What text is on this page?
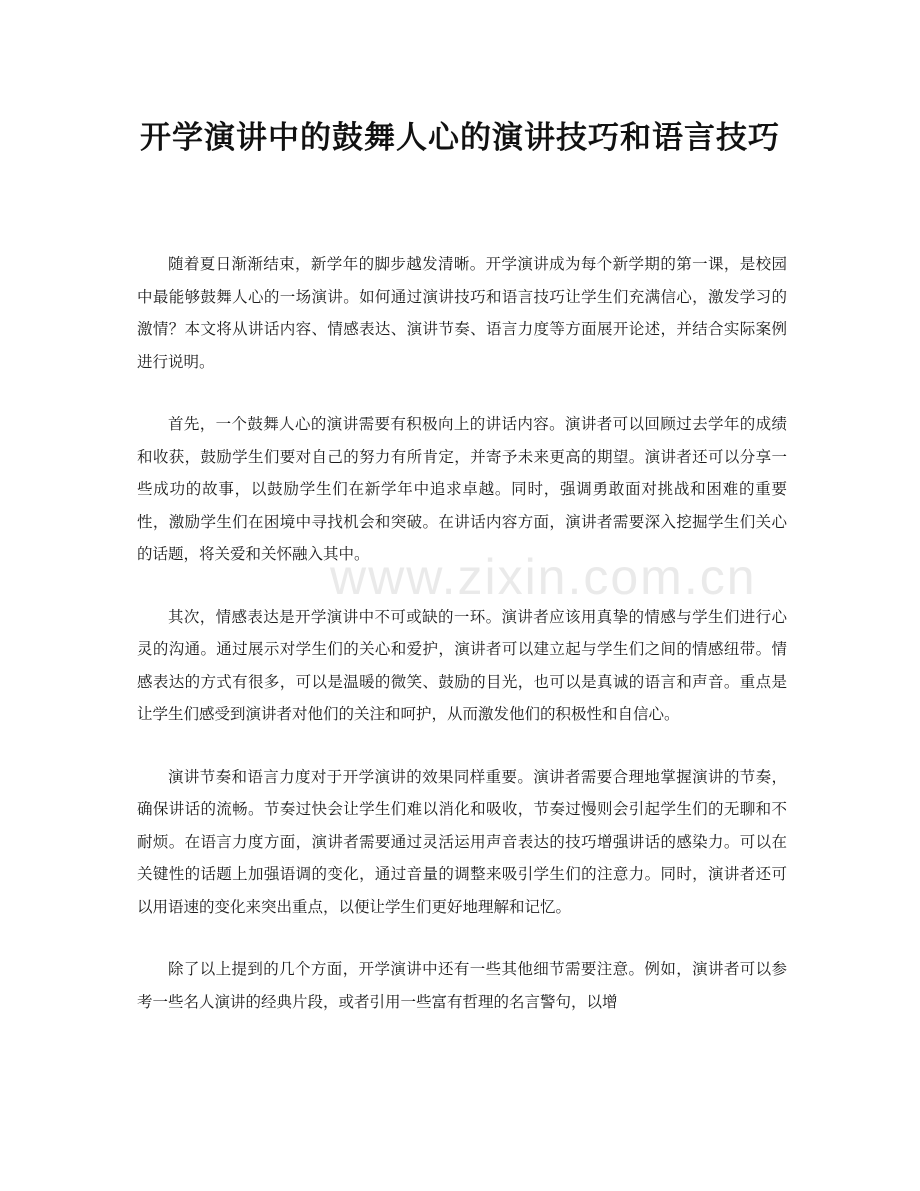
开学演讲中的鼓舞人心的演讲技巧和语言技巧

随着夏日渐渐结束，新学年的脚步越发清晰。开学演讲成为每个新学期的第一课，是校园中最能够鼓舞人心的一场演讲。如何通过演讲技巧和语言技巧让学生们充满信心，激发学习的激情？本文将从讲话内容、情感表达、演讲节奏、语言力度等方面展开论述，并结合实际案例进行说明。

首先，一个鼓舞人心的演讲需要有积极向上的讲话内容。演讲者可以回顾过去学年的成绩和收获，鼓励学生们要对自己的努力有所肯定，并寄予未来更高的期望。演讲者还可以分享一些成功的故事，以鼓励学生们在新学年中追求卓越。同时，强调勇敢面对挑战和困难的重要性，激励学生们在困境中寻找机会和突破。在讲话内容方面，演讲者需要深入挖掘学生们关心的话题，将关爱和关怀融入其中。

其次，情感表达是开学演讲中不可或缺的一环。演讲者应该用真挚的情感与学生们进行心灵的沟通。通过展示对学生们的关心和爱护，演讲者可以建立起与学生们之间的情感纽带。情感表达的方式有很多，可以是温暖的微笑、鼓励的目光，也可以是真诚的语言和声音。重点是让学生们感受到演讲者对他们的关注和呵护，从而激发他们的积极性和自信心。

演讲节奏和语言力度对于开学演讲的效果同样重要。演讲者需要合理地掌握演讲的节奏，确保讲话的流畅。节奏过快会让学生们难以消化和吸收，节奏过慢则会引起学生们的无聊和不耐烦。在语言力度方面，演讲者需要通过灵活运用声音表达的技巧增强讲话的感染力。可以在关键性的话题上加强语调的变化，通过音量的调整来吸引学生们的注意力。同时，演讲者还可以用语速的变化来突出重点，以便让学生们更好地理解和记忆。

除了以上提到的几个方面，开学演讲中还有一些其他细节需要注意。例如，演讲者可以参考一些名人演讲的经典片段，或者引用一些富有哲理的名言警句，以增

www.zixin.com.cn
